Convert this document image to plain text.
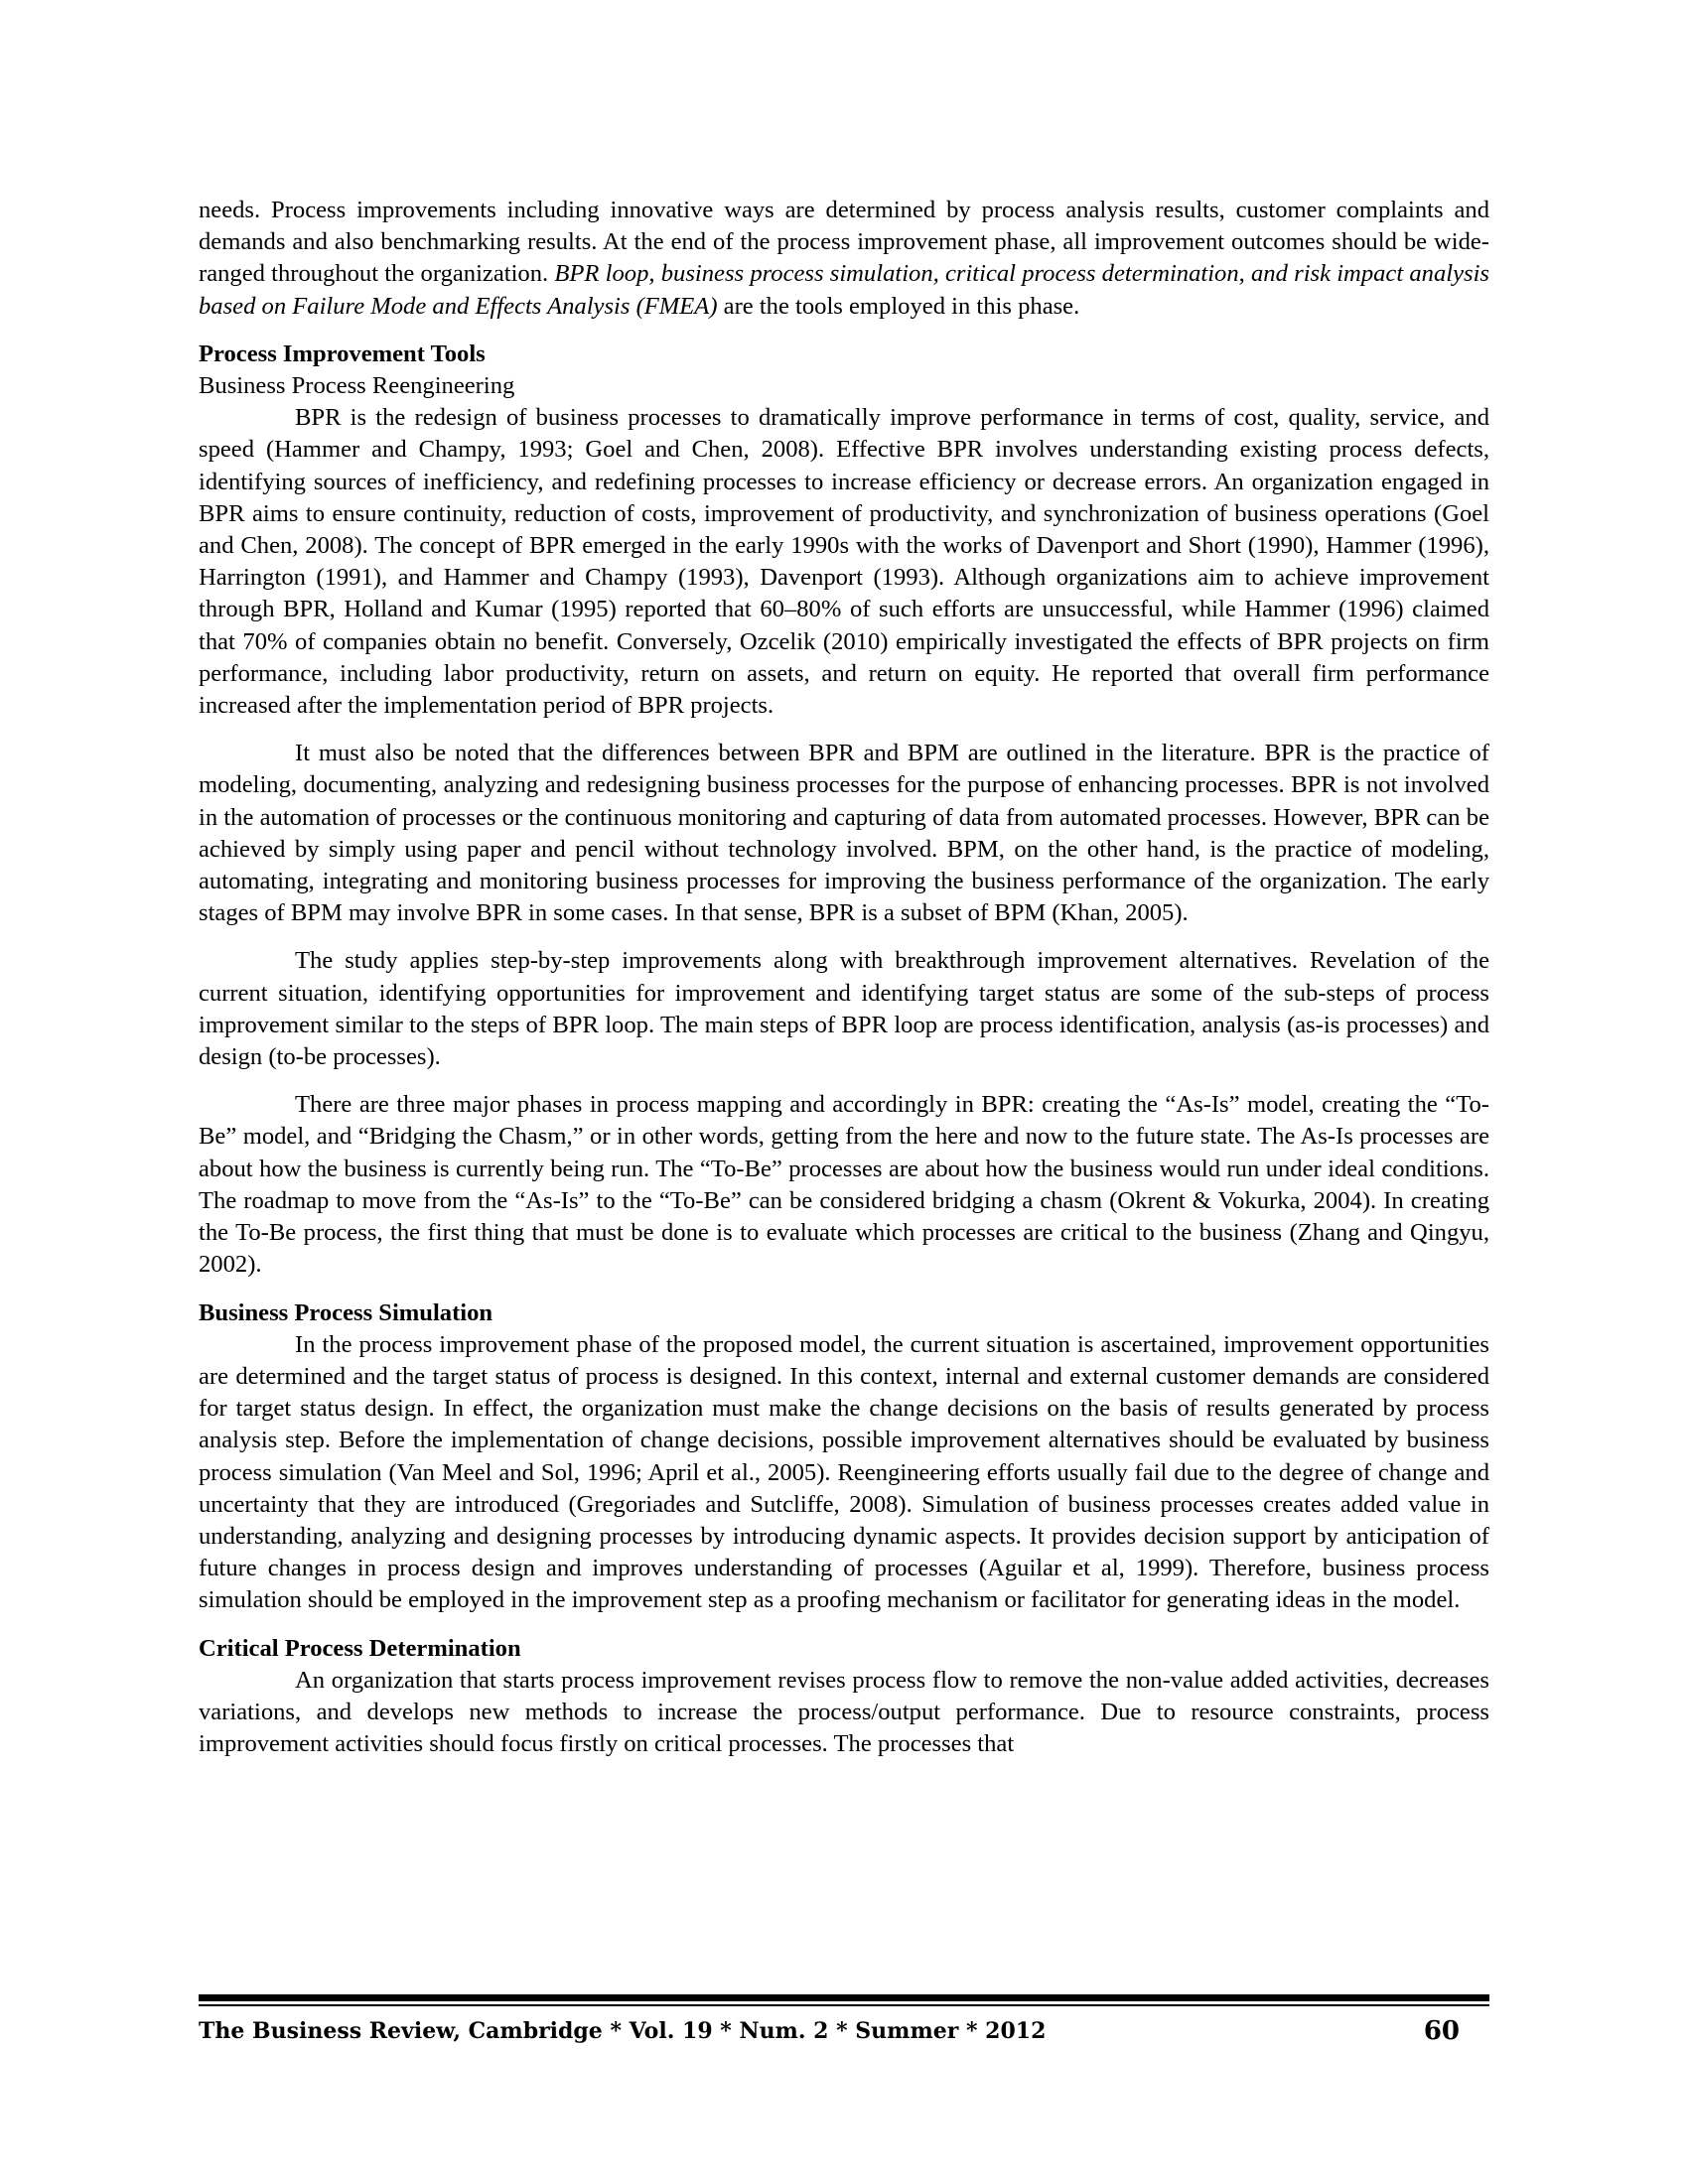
needs. Process improvements including innovative ways are determined by process analysis results, customer complaints and demands and also benchmarking results. At the end of the process improvement phase, all improvement outcomes should be wide-ranged throughout the organization. BPR loop, business process simulation, critical process determination, and risk impact analysis based on Failure Mode and Effects Analysis (FMEA) are the tools employed in this phase.

Process Improvement Tools
Business Process Reengineering

BPR is the redesign of business processes to dramatically improve performance in terms of cost, quality, service, and speed (Hammer and Champy, 1993; Goel and Chen, 2008). Effective BPR involves understanding existing process defects, identifying sources of inefficiency, and redefining processes to increase efficiency or decrease errors. An organization engaged in BPR aims to ensure continuity, reduction of costs, improvement of productivity, and synchronization of business operations (Goel and Chen, 2008). The concept of BPR emerged in the early 1990s with the works of Davenport and Short (1990), Hammer (1996), Harrington (1991), and Hammer and Champy (1993), Davenport (1993). Although organizations aim to achieve improvement through BPR, Holland and Kumar (1995) reported that 60–80% of such efforts are unsuccessful, while Hammer (1996) claimed that 70% of companies obtain no benefit. Conversely, Ozcelik (2010) empirically investigated the effects of BPR projects on firm performance, including labor productivity, return on assets, and return on equity. He reported that overall firm performance increased after the implementation period of BPR projects.

It must also be noted that the differences between BPR and BPM are outlined in the literature. BPR is the practice of modeling, documenting, analyzing and redesigning business processes for the purpose of enhancing processes. BPR is not involved in the automation of processes or the continuous monitoring and capturing of data from automated processes. However, BPR can be achieved by simply using paper and pencil without technology involved. BPM, on the other hand, is the practice of modeling, automating, integrating and monitoring business processes for improving the business performance of the organization. The early stages of BPM may involve BPR in some cases. In that sense, BPR is a subset of BPM (Khan, 2005).

The study applies step-by-step improvements along with breakthrough improvement alternatives. Revelation of the current situation, identifying opportunities for improvement and identifying target status are some of the sub-steps of process improvement similar to the steps of BPR loop. The main steps of BPR loop are process identification, analysis (as-is processes) and design (to-be processes).

There are three major phases in process mapping and accordingly in BPR: creating the “As-Is” model, creating the “To-Be” model, and “Bridging the Chasm,” or in other words, getting from the here and now to the future state. The As-Is processes are about how the business is currently being run. The “To-Be” processes are about how the business would run under ideal conditions. The roadmap to move from the “As-Is” to the “To-Be” can be considered bridging a chasm (Okrent & Vokurka, 2004). In creating the To-Be process, the first thing that must be done is to evaluate which processes are critical to the business (Zhang and Qingyu, 2002).

Business Process Simulation

In the process improvement phase of the proposed model, the current situation is ascertained, improvement opportunities are determined and the target status of process is designed. In this context, internal and external customer demands are considered for target status design. In effect, the organization must make the change decisions on the basis of results generated by process analysis step. Before the implementation of change decisions, possible improvement alternatives should be evaluated by business process simulation (Van Meel and Sol, 1996; April et al., 2005). Reengineering efforts usually fail due to the degree of change and uncertainty that they are introduced (Gregoriades and Sutcliffe, 2008). Simulation of business processes creates added value in understanding, analyzing and designing processes by introducing dynamic aspects. It provides decision support by anticipation of future changes in process design and improves understanding of processes (Aguilar et al, 1999). Therefore, business process simulation should be employed in the improvement step as a proofing mechanism or facilitator for generating ideas in the model.

Critical Process Determination

An organization that starts process improvement revises process flow to remove the non-value added activities, decreases variations, and develops new methods to increase the process/output performance. Due to resource constraints, process improvement activities should focus firstly on critical processes. The processes that

The Business Review, Cambridge * Vol. 19 * Num. 2 * Summer * 2012	60
